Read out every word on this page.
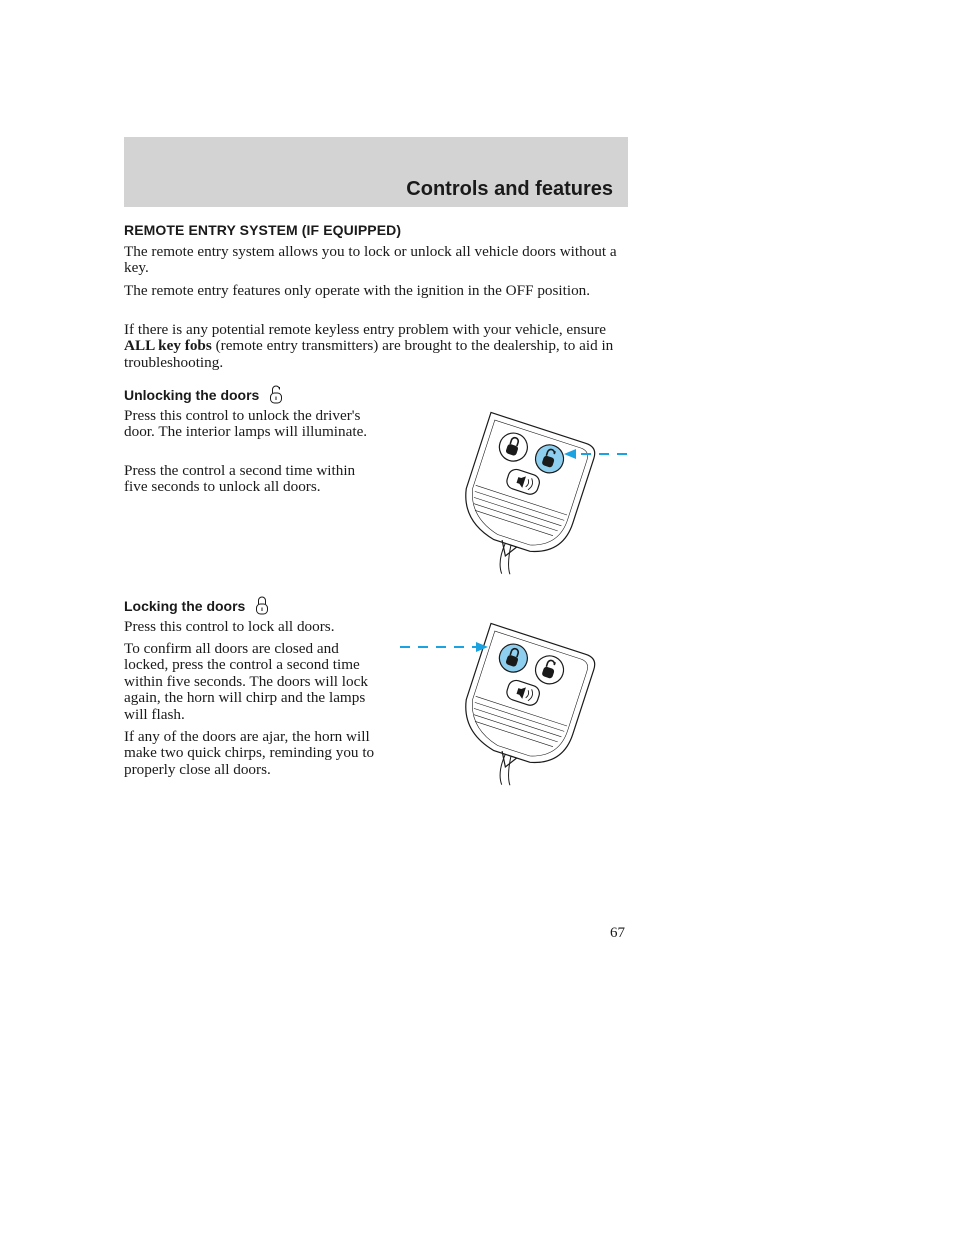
Controls and features
REMOTE ENTRY SYSTEM (IF EQUIPPED)

The remote entry system allows you to lock or unlock all vehicle doors without a key.

The remote entry features only operate with the ignition in the OFF position.

If there is any potential remote keyless entry problem with your vehicle, ensure ALL key fobs (remote entry transmitters) are brought to the dealership, to aid in troubleshooting.

Unlocking the doors

Press this control to unlock the driver's door. The interior lamps will illuminate.

Press the control a second time within five seconds to unlock all doors.

Locking the doors

Press this control to lock all doors.

To confirm all doors are closed and locked, press the control a second time within five seconds. The doors will lock again, the horn will chirp and the lamps will flash.

If any of the doors are ajar, the horn will make two quick chirps, reminding you to properly close all doors.

67
